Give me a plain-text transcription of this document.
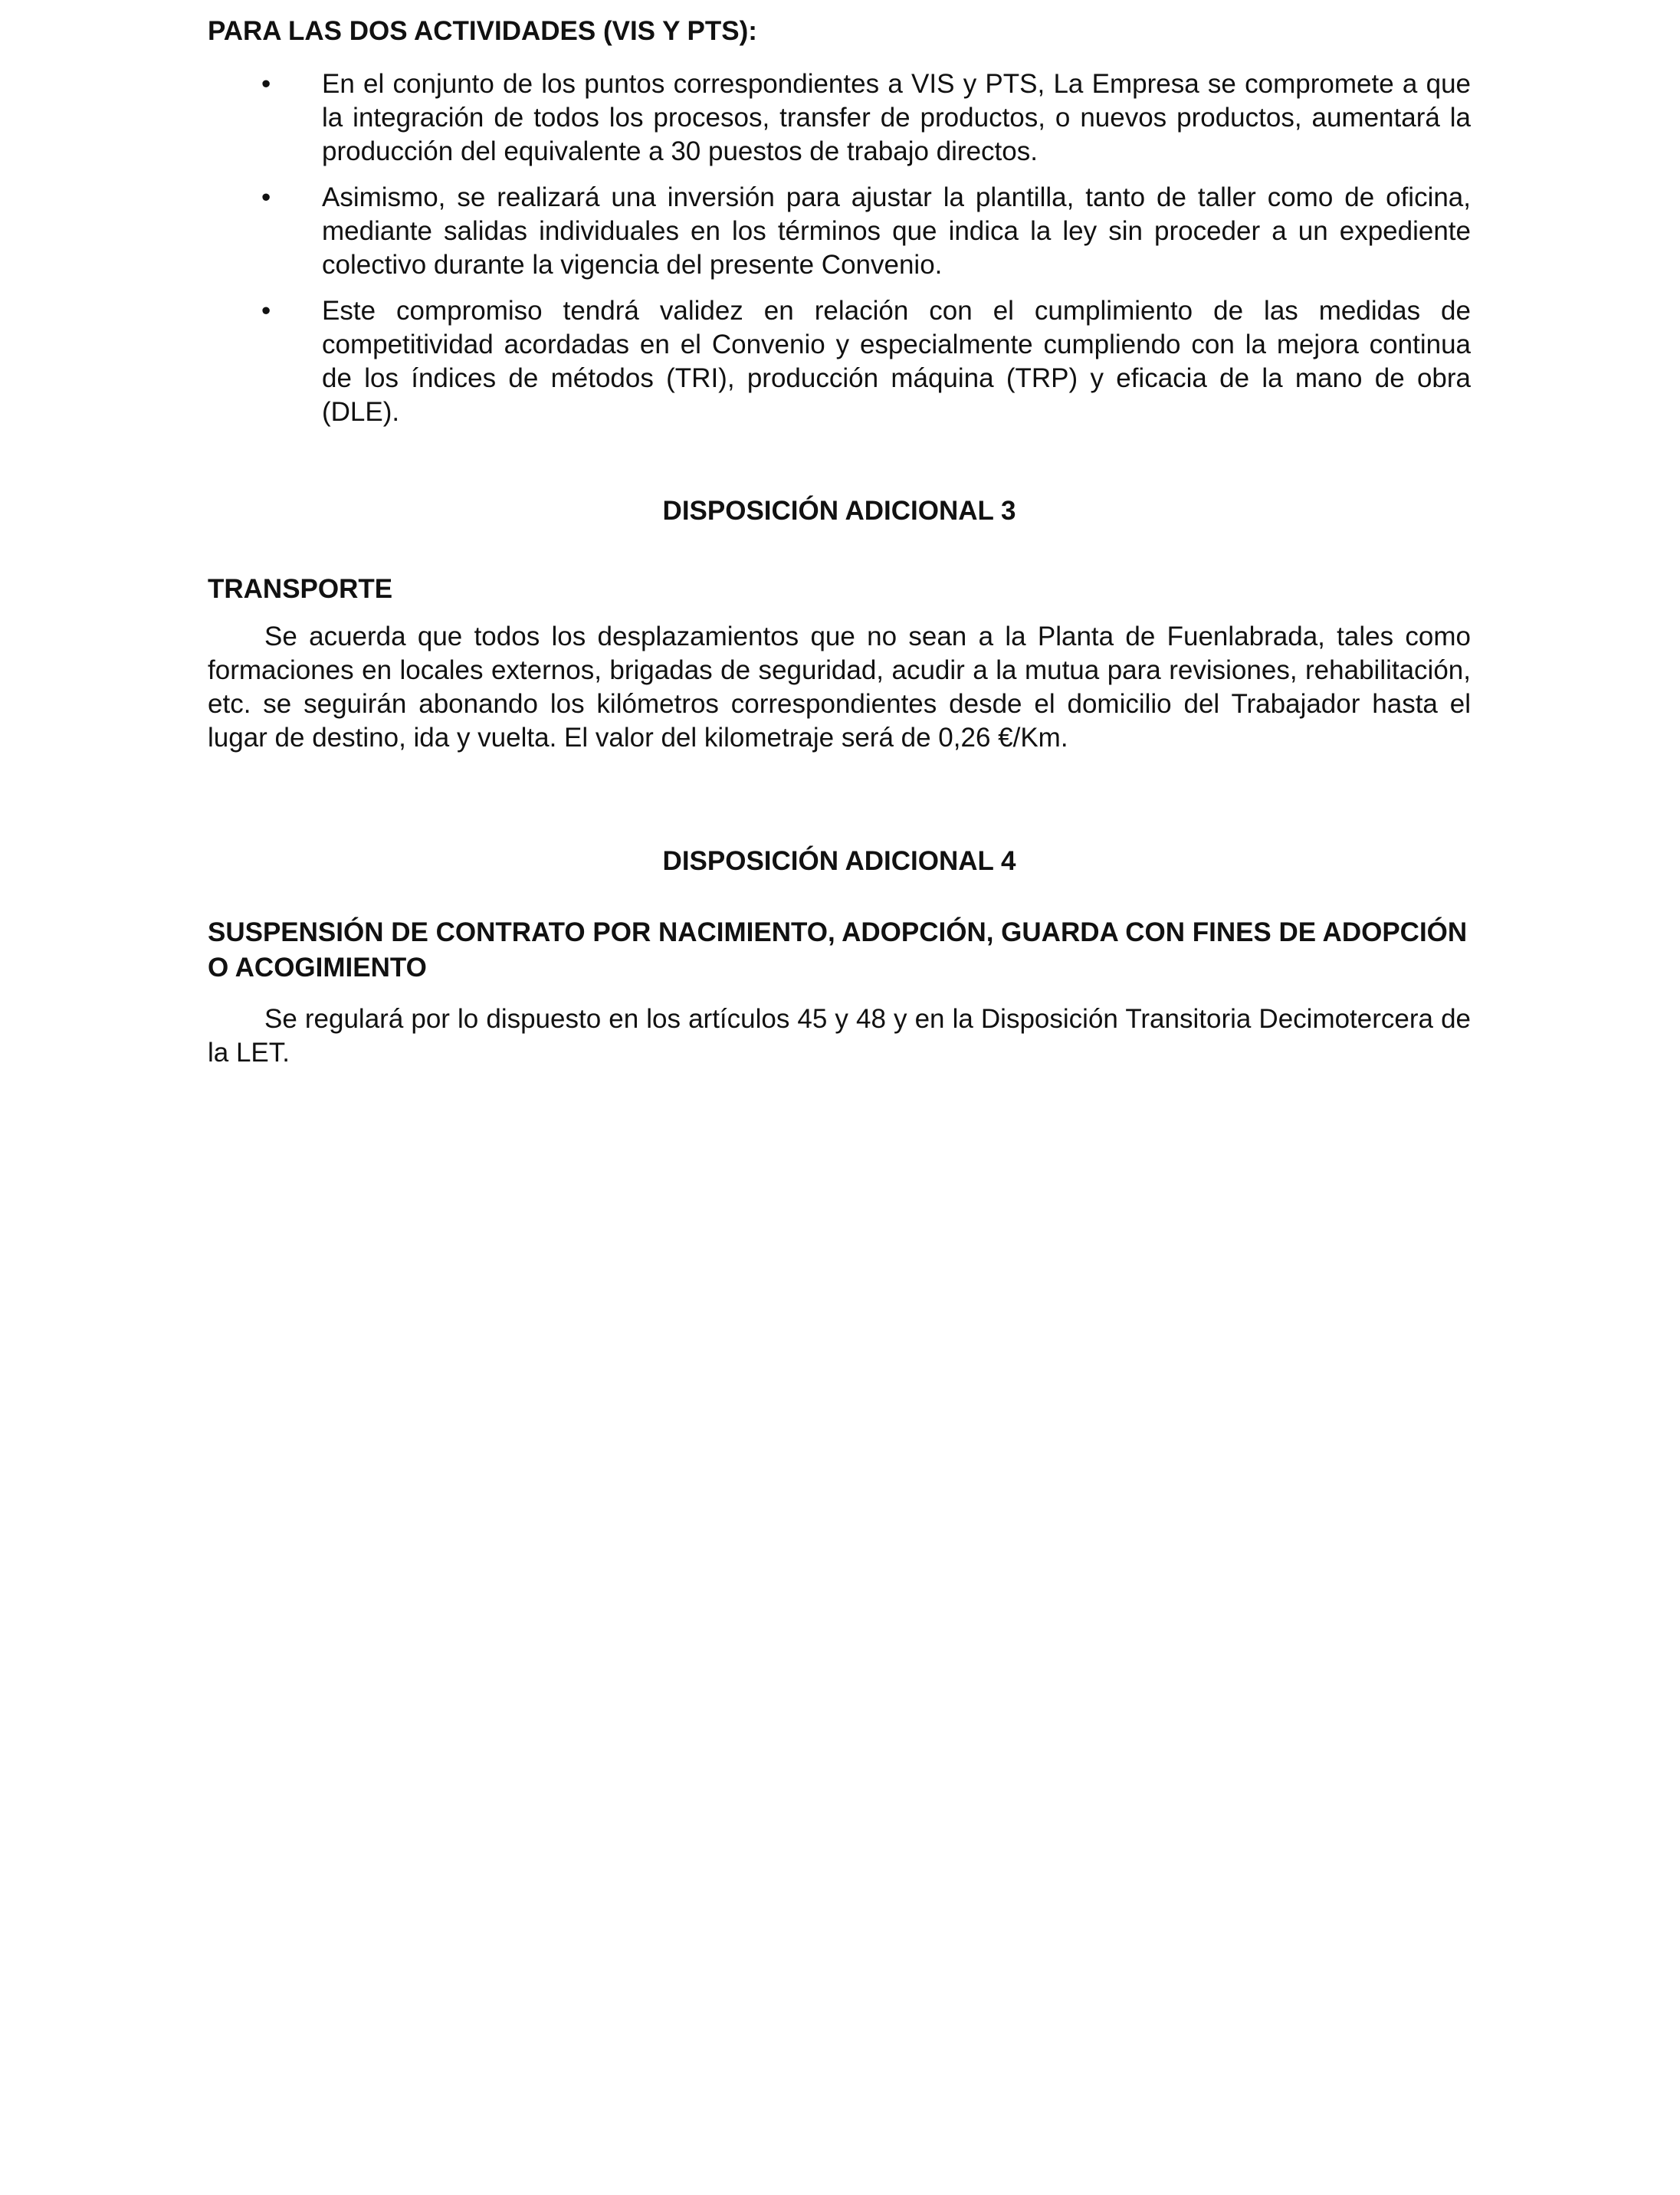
PARA LAS DOS ACTIVIDADES (VIS Y PTS):
• En el conjunto de los puntos correspondientes a VIS y PTS, La Empresa se compromete a que la integración de todos los procesos, transfer de productos, o nuevos productos, aumentará la producción del equivalente a 30 puestos de trabajo directos.
• Asimismo, se realizará una inversión para ajustar la plantilla, tanto de taller como de oficina, mediante salidas individuales en los términos que indica la ley sin proceder a un expediente colectivo durante la vigencia del presente Convenio.
• Este compromiso tendrá validez en relación con el cumplimiento de las medidas de competitividad acordadas en el Convenio y especialmente cumpliendo con la mejora continua de los índices de métodos (TRI), producción máquina (TRP) y eficacia de la mano de obra (DLE).
DISPOSICIÓN ADICIONAL 3
TRANSPORTE

Se acuerda que todos los desplazamientos que no sean a la Planta de Fuenlabrada, tales como formaciones en locales externos, brigadas de seguridad, acudir a la mutua para revisiones, rehabilitación, etc. se seguirán abonando los kilómetros correspondientes desde el domicilio del Trabajador hasta el lugar de destino, ida y vuelta. El valor del kilometraje será de 0,26 €/Km.

DISPOSICIÓN ADICIONAL 4
SUSPENSIÓN DE CONTRATO POR NACIMIENTO, ADOPCIÓN, GUARDA CON FINES DE ADOPCIÓN O ACOGIMIENTO

Se regulará por lo dispuesto en los artículos 45 y 48 y en la Disposición Transitoria Decimotercera de la LET.
